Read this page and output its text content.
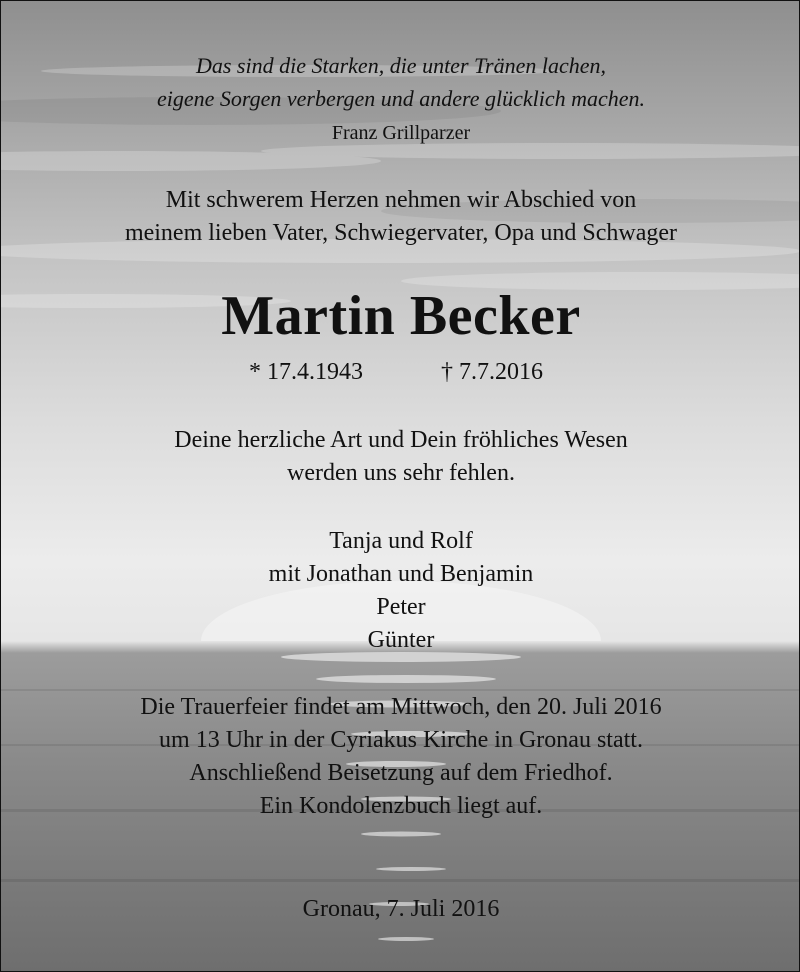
Das sind die Starken, die unter Tränen lachen,
eigene Sorgen verbergen und andere glücklich machen.
Franz Grillparzer
Mit schwerem Herzen nehmen wir Abschied von
meinem lieben Vater, Schwiegervater, Opa und Schwager
Martin Becker
* 17.4.1943	† 7.7.2016
Deine herzliche Art und Dein fröhliches Wesen
werden uns sehr fehlen.
Tanja und Rolf
mit Jonathan und Benjamin
Peter
Günter
Die Trauerfeier findet am Mittwoch, den 20. Juli 2016
um 13 Uhr in der Cyriakus Kirche in Gronau statt.
Anschließend Beisetzung auf dem Friedhof.
Ein Kondolenzbuch liegt auf.
Gronau, 7. Juli 2016
